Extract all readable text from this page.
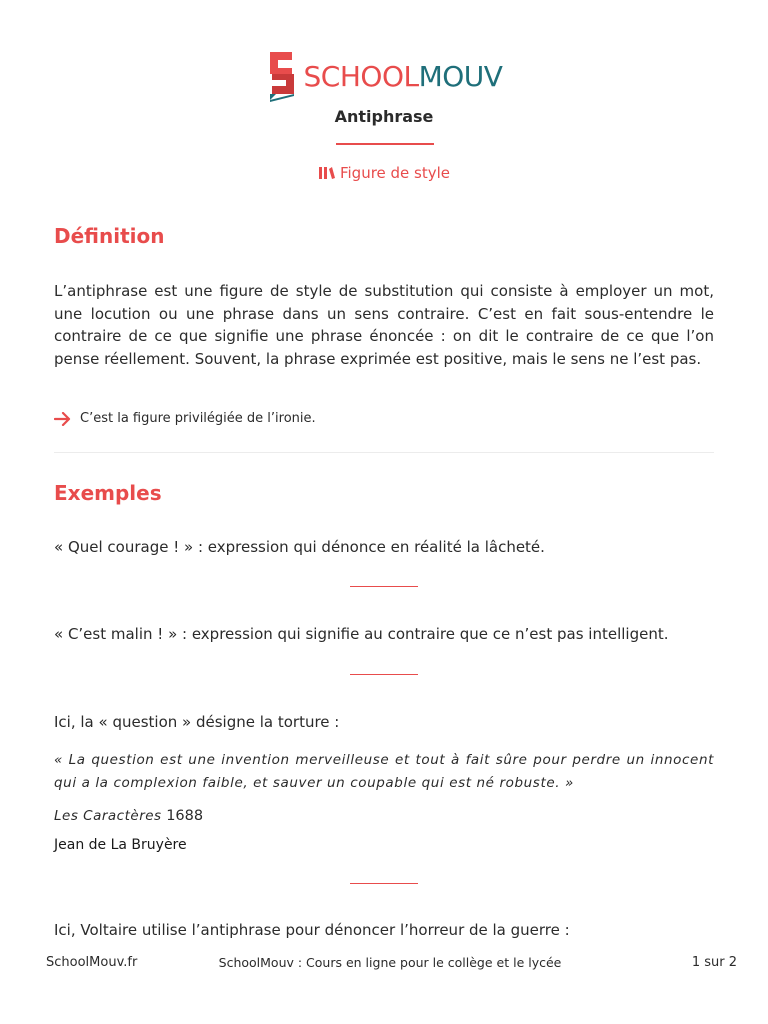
SCHOOLMOUV
Antiphrase
Figure de style
Définition

L’antiphrase est une figure de style de substitution qui consiste à employer un mot, une locution ou une phrase dans un sens contraire. C’est en fait sous-entendre le contraire de ce que signifie une phrase énoncée : on dit le contraire de ce que l’on pense réellement. Souvent, la phrase exprimée est positive, mais le sens ne l’est pas.

C’est la figure privilégiée de l’ironie.
Exemples
« Quel courage ! » : expression qui dénonce en réalité la lâcheté.
« C’est malin ! » : expression qui signifie au contraire que ce n’est pas intelligent.
Ici, la « question » désigne la torture :

« La question est une invention merveilleuse et tout à fait sûre pour perdre un innocent qui a la complexion faible, et sauver un coupable qui est né robuste. »

Les Caractères 1688
Jean de La Bruyère
Ici, Voltaire utilise l’antiphrase pour dénoncer l’horreur de la guerre :
SchoolMouv.fr	SchoolMouv : Cours en ligne pour le collège et le lycée	1 sur 2
